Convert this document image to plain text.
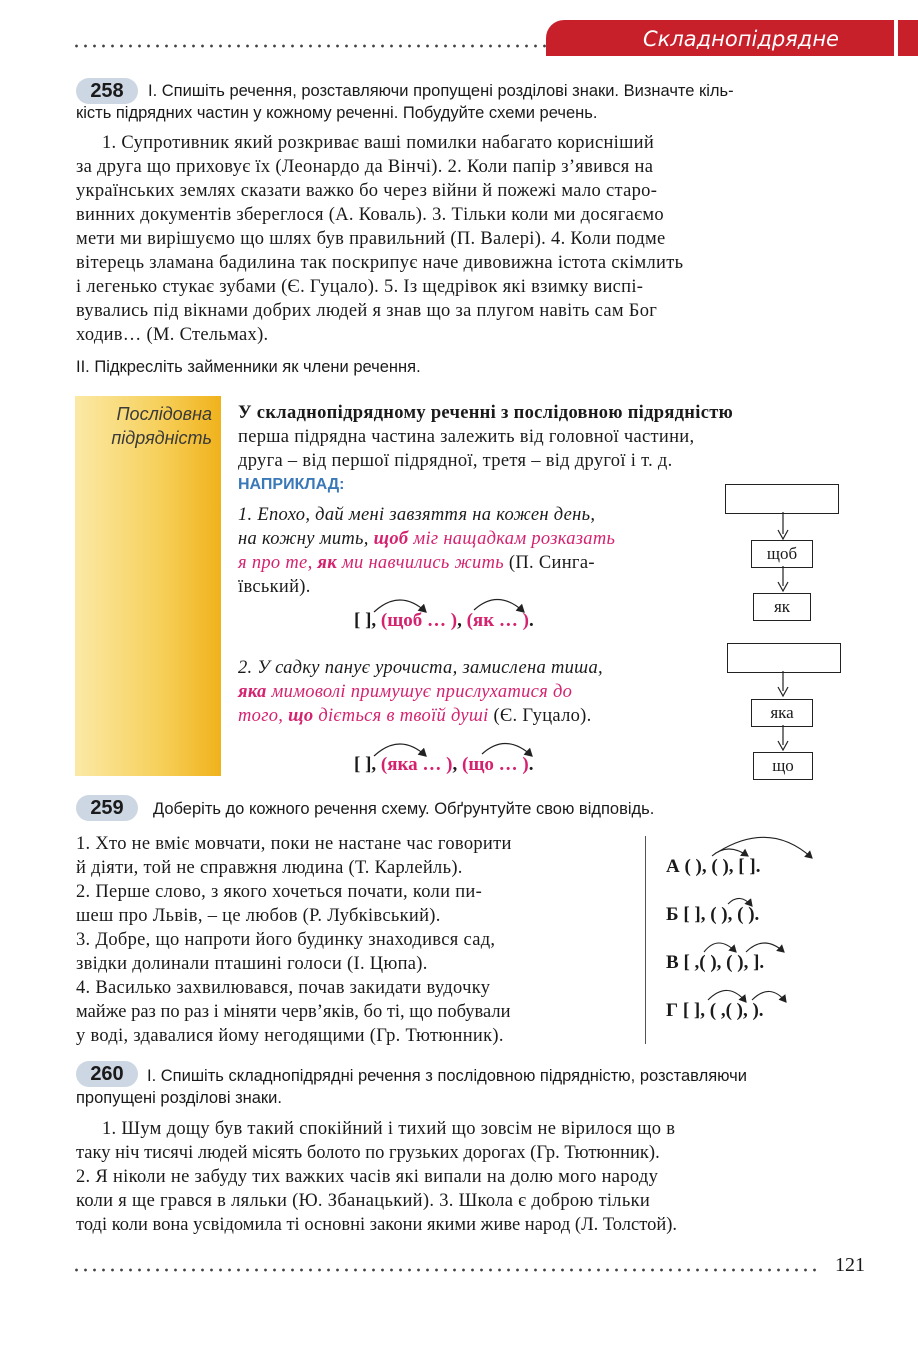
Складнопідрядне речення
258	І. Спишіть речення, розставляючи пропущені розділові знаки. Визначте кіль-
кість підрядних частин у кожному реченні. Побудуйте схеми речень.
1. Супротивник який розкриває ваші помилки набагато корисніший
за друга що приховує їх (Леонардо да Вінчі). 2. Коли папір з’явився на
українських землях сказати важко бо через війни й пожежі мало старо-
винних документів збереглося (А. Коваль). 3. Тільки коли ми досягаємо
мети ми вирішуємо що шлях був правильний (П. Валері). 4. Коли подме
вітерець зламана бадилина так поскрипує наче дивовижна істота скімлить
і легенько стукає зубами (Є. Гуцало). 5. Із щедрівок які взимку виспі-
вувались під вікнами добрих людей я знав що за плугом навіть сам Бог
ходив… (М. Стельмах).
ІІ. Підкресліть займенники як члени речення.
Послідовна
підрядність
У складнопідрядному реченні з послідовною підрядністю
перша підрядна частина залежить від головної частини,
друга – від першої підрядної, третя – від другої і т. д.
НАПРИКЛАД:
1. Епохо, дай мені завзяття на кожен день,
на кожну мить, щоб міг нащадкам розказать
я про те, як ми навчились жить (П. Синга-
ївський).
[ ], (щоб … ), (як … ).
щоб
як
2. У садку панує урочиста, замислена тиша,
яка мимоволі примушує прислухатися до
того, що діється в твоїй душі (Є. Гуцало).
[ ], (яка … ), (що … ).
яка
що
259	Доберіть до кожного речення схему. Обґрунтуйте свою відповідь.
1. Хто не вміє мовчати, поки не настане час говорити
й діяти, той не справжня людина (Т. Карлейль).
2. Перше слово, з якого хочеться почати, коли пи-
шеш про Львів, – це любов (Р. Лубківський).
3. Добре, що напроти його будинку знаходився сад,
звідки долинали пташині голоси (І. Цюпа).
4. Василько захвилювався, почав закидати вудочку
майже раз по раз і міняти черв’яків, бо ті, що побували
у воді, здавалися йому негодящими (Гр. Тютюнник).
А ( ), ( ), [ ].
Б [ ], ( ), ( ).
В [ ,( ), ( ), ].
Г [ ], ( ,( ), ).
260	І. Спишіть складнопідрядні речення з послідовною підрядністю, розставляючи
пропущені розділові знаки.
1. Шум дощу був такий спокійний і тихий що зовсім не вірилося що в
таку ніч тисячі людей місять болото по грузьких дорогах (Гр. Тютюнник).
2. Я ніколи не забуду тих важких часів які випали на долю мого народу
коли я ще грався в ляльки (Ю. Збанацький). 3. Школа є доброю тільки
тоді коли вона усвідомила ті основні закони якими живе народ (Л. Толстой).
121
